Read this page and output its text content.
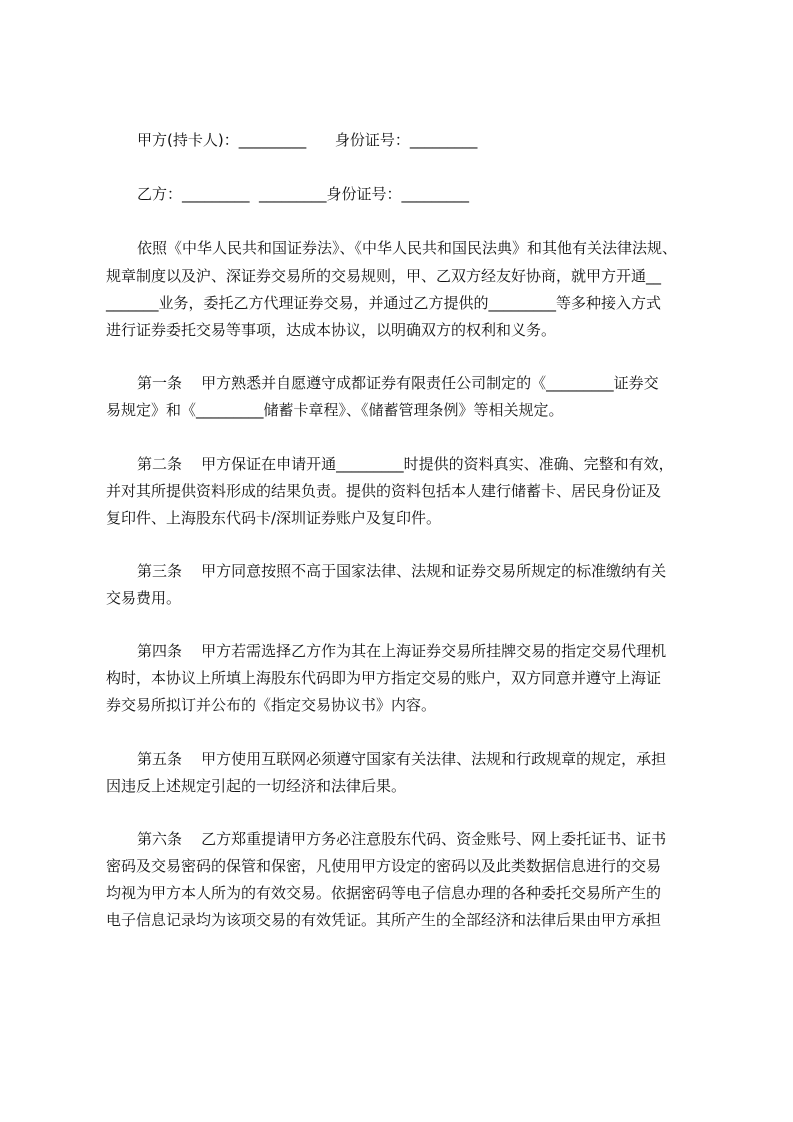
甲方(持卡人)：_________      身份证号：_________
乙方：_________  _________身份证号：_________
依照《中华人民共和国证券法》、《中华人民共和国民法典》和其他有关法律法规、
规章制度以及沪、深证券交易所的交易规则，甲、乙双方经友好协商，就甲方开通__
_______业务，委托乙方代理证券交易，并通过乙方提供的_________等多种接入方式
进行证券委托交易等事项，达成本协议，以明确双方的权利和义务。
第一条    甲方熟悉并自愿遵守成都证券有限责任公司制定的《_________证券交
易规定》和《_________储蓄卡章程》、《储蓄管理条例》等相关规定。
第二条    甲方保证在申请开通_________时提供的资料真实、准确、完整和有效，
并对其所提供资料形成的结果负责。提供的资料包括本人建行储蓄卡、居民身份证及
复印件、上海股东代码卡/深圳证券账户及复印件。
第三条    甲方同意按照不高于国家法律、法规和证券交易所规定的标准缴纳有关
交易费用。
第四条    甲方若需选择乙方作为其在上海证券交易所挂牌交易的指定交易代理机
构时，本协议上所填上海股东代码即为甲方指定交易的账户，双方同意并遵守上海证
券交易所拟订并公布的《指定交易协议书》内容。
第五条    甲方使用互联网必须遵守国家有关法律、法规和行政规章的规定，承担
因违反上述规定引起的一切经济和法律后果。
第六条    乙方郑重提请甲方务必注意股东代码、资金账号、网上委托证书、证书
密码及交易密码的保管和保密，凡使用甲方设定的密码以及此类数据信息进行的交易
均视为甲方本人所为的有效交易。依据密码等电子信息办理的各种委托交易所产生的
电子信息记录均为该项交易的有效凭证。其所产生的全部经济和法律后果由甲方承担
